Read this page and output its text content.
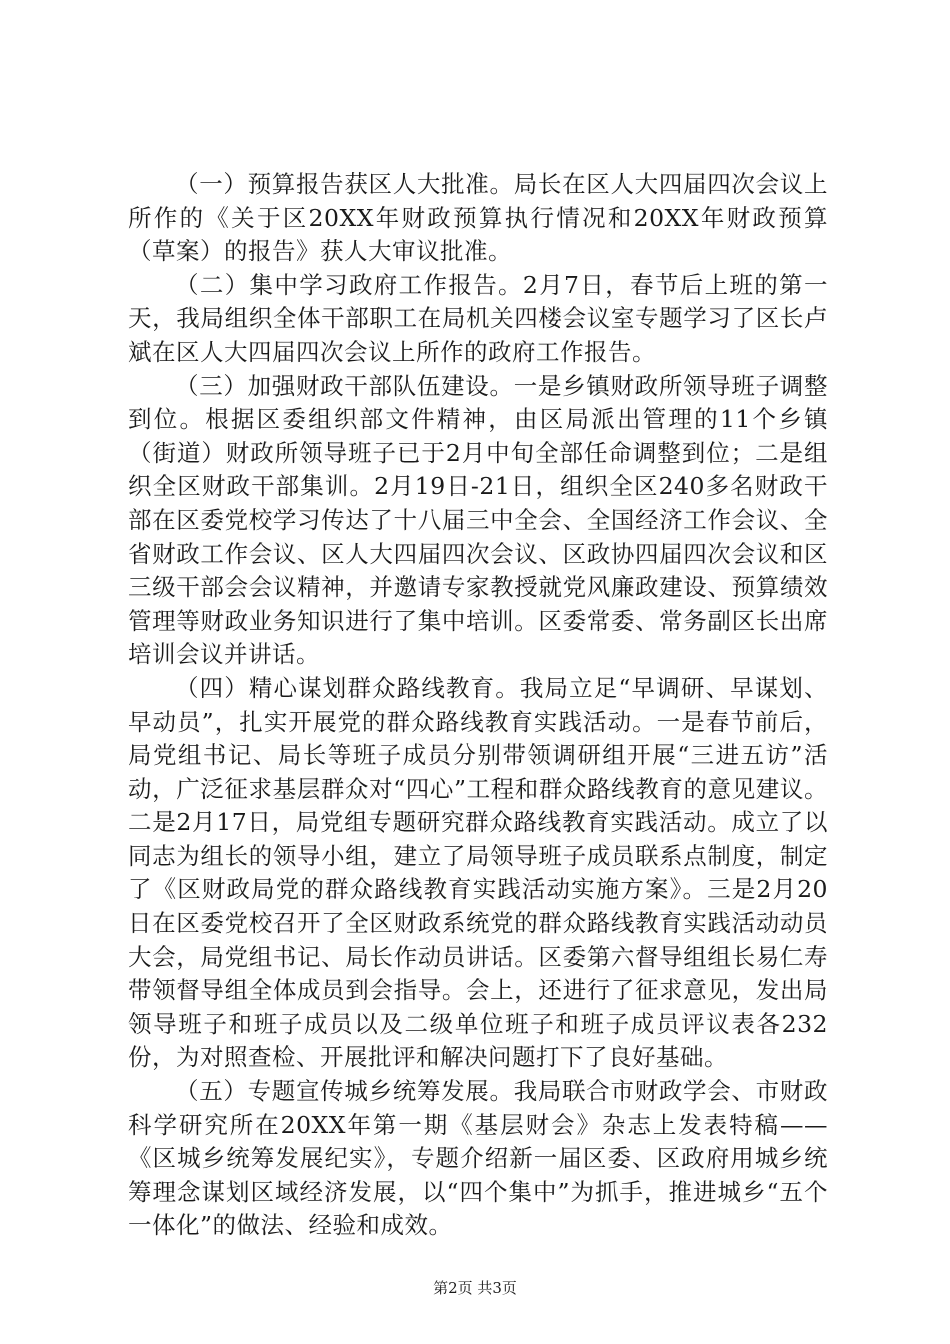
（一）预算报告获区人大批准。局长在区人大四届四次会议上所作的《关于区20XX年财政预算执行情况和20XX年财政预算（草案）的报告》获人大审议批准。

（二）集中学习政府工作报告。2月7日，春节后上班的第一天，我局组织全体干部职工在局机关四楼会议室专题学习了区长卢斌在区人大四届四次会议上所作的政府工作报告。

（三）加强财政干部队伍建设。一是乡镇财政所领导班子调整到位。根据区委组织部文件精神，由区局派出管理的11个乡镇（街道）财政所领导班子已于2月中旬全部任命调整到位；二是组织全区财政干部集训。2月19日-21日，组织全区240多名财政干部在区委党校学习传达了十八届三中全会、全国经济工作会议、全省财政工作会议、区人大四届四次会议、区政协四届四次会议和区三级干部会会议精神，并邀请专家教授就党风廉政建设、预算绩效管理等财政业务知识进行了集中培训。区委常委、常务副区长出席培训会议并讲话。

（四）精心谋划群众路线教育。我局立足“早调研、早谋划、早动员”，扎实开展党的群众路线教育实践活动。一是春节前后，局党组书记、局长等班子成员分别带领调研组开展“三进五访”活动，广泛征求基层群众对“四心”工程和群众路线教育的意见建议。二是2月17日，局党组专题研究群众路线教育实践活动。成立了以同志为组长的领导小组，建立了局领导班子成员联系点制度，制定了《区财政局党的群众路线教育实践活动实施方案》。三是2月20日在区委党校召开了全区财政系统党的群众路线教育实践活动动员大会，局党组书记、局长作动员讲话。区委第六督导组组长易仁寿带领督导组全体成员到会指导。会上，还进行了征求意见，发出局领导班子和班子成员以及二级单位班子和班子成员评议表各232份，为对照查检、开展批评和解决问题打下了良好基础。

（五）专题宣传城乡统筹发展。我局联合市财政学会、市财政科学研究所在20XX年第一期《基层财会》杂志上发表特稿——《区城乡统筹发展纪实》，专题介绍新一届区委、区政府用城乡统筹理念谋划区域经济发展，以“四个集中”为抓手，推进城乡“五个一体化”的做法、经验和成效。

第2页 共3页
